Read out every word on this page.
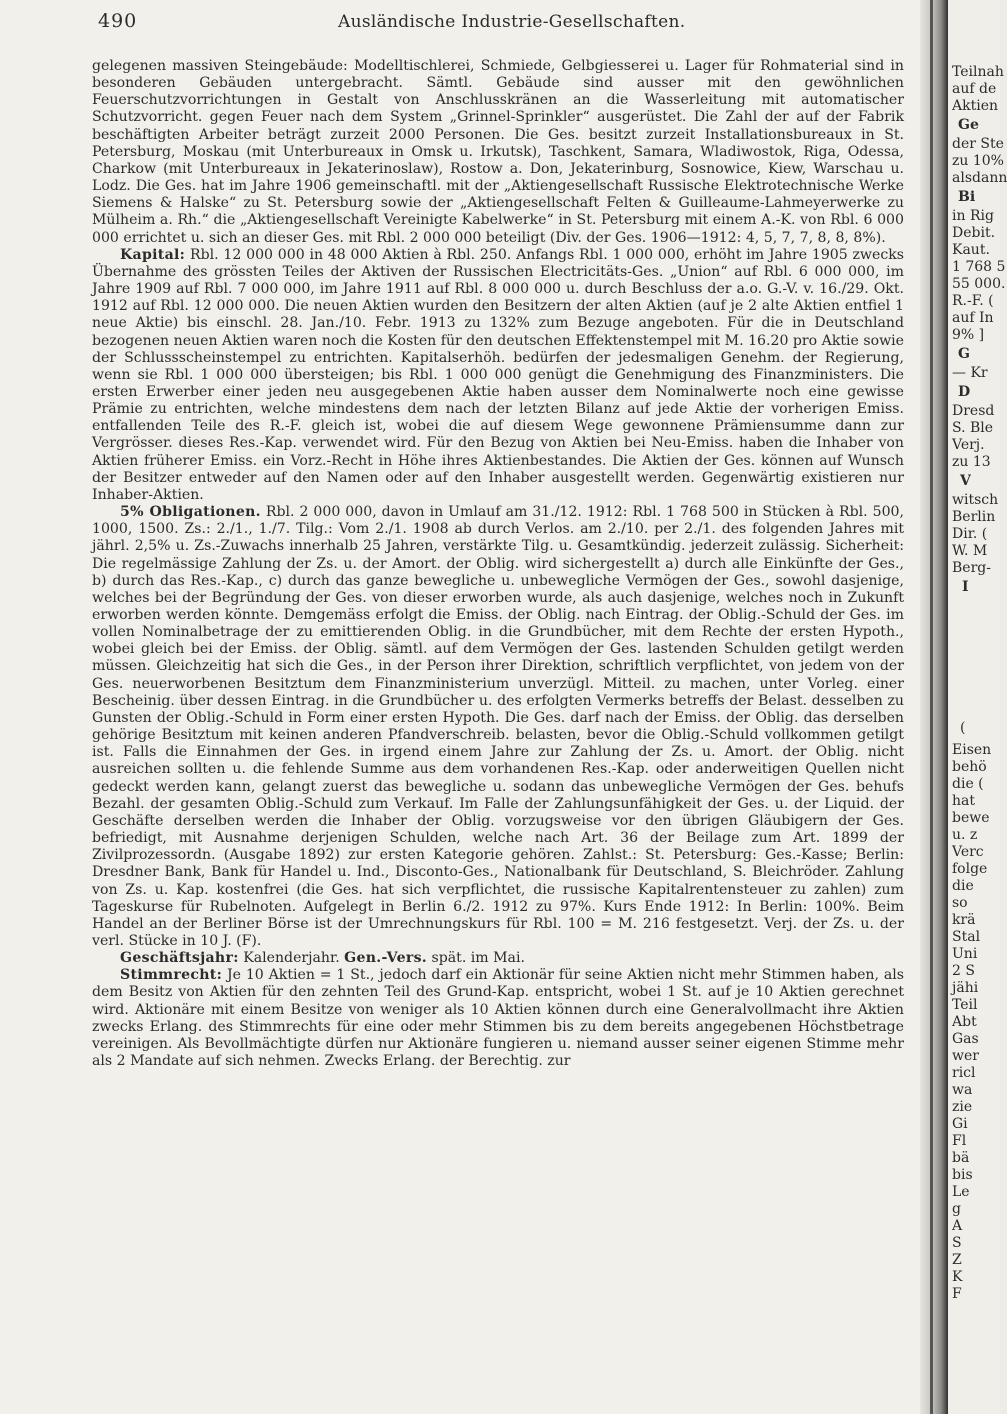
490	Ausländische Industrie-Gesellschaften.

gelegenen massiven Steingebäude: Modelltischlerei, Schmiede, Gelbgiesserei u. Lager für Rohmaterial sind in besonderen Gebäuden untergebracht. Sämtl. Gebäude sind ausser mit den gewöhnlichen Feuerschutzvorrichtungen in Gestalt von Anschlusskränen an die Wasserleitung mit automatischer Schutzvorricht. gegen Feuer nach dem System „Grinnel-Sprinkler“ ausgerüstet. Die Zahl der auf der Fabrik beschäftigten Arbeiter beträgt zurzeit 2000 Personen. Die Ges. besitzt zurzeit Installationsbureaux in St. Petersburg, Moskau (mit Unterbureaux in Omsk u. Irkutsk), Taschkent, Samara, Wladiwostok, Riga, Odessa, Charkow (mit Unterbureaux in Jekaterinoslaw), Rostow a. Don, Jekaterinburg, Sosnowice, Kiew, Warschau u. Lodz. Die Ges. hat im Jahre 1906 gemeinschaftl. mit der „Aktiengesellschaft Russische Elektrotechnische Werke Siemens & Halske“ zu St. Petersburg sowie der „Aktiengesellschaft Felten & Guilleaume-Lahmeyerwerke zu Mülheim a. Rh.“ die „Aktiengesellschaft Vereinigte Kabelwerke“ in St. Petersburg mit einem A.-K. von Rbl. 6 000 000 errichtet u. sich an dieser Ges. mit Rbl. 2 000 000 beteiligt (Div. der Ges. 1906—1912: 4, 5, 7, 7, 8, 8, 8%).

Kapital: Rbl. 12 000 000 in 48 000 Aktien à Rbl. 250. Anfangs Rbl. 1 000 000, erhöht im Jahre 1905 zwecks Übernahme des grössten Teiles der Aktiven der Russischen Electricitäts-Ges. „Union“ auf Rbl. 6 000 000, im Jahre 1909 auf Rbl. 7 000 000, im Jahre 1911 auf Rbl. 8 000 000 u. durch Beschluss der a.o. G.-V. v. 16./29. Okt. 1912 auf Rbl. 12 000 000. Die neuen Aktien wurden den Besitzern der alten Aktien (auf je 2 alte Aktien entfiel 1 neue Aktie) bis einschl. 28. Jan./10. Febr. 1913 zu 132% zum Bezuge angeboten. Für die in Deutschland bezogenen neuen Aktien waren noch die Kosten für den deutschen Effektenstempel mit M. 16.20 pro Aktie sowie der Schlussscheinstempel zu entrichten. Kapitalserhöh. bedürfen der jedesmaligen Genehm. der Regierung, wenn sie Rbl. 1 000 000 übersteigen; bis Rbl. 1 000 000 genügt die Genehmigung des Finanzministers. Die ersten Erwerber einer jeden neu ausgegebenen Aktie haben ausser dem Nominalwerte noch eine gewisse Prämie zu entrichten, welche mindestens dem nach der letzten Bilanz auf jede Aktie der vorherigen Emiss. entfallenden Teile des R.-F. gleich ist, wobei die auf diesem Wege gewonnene Prämiensumme dann zur Vergrösser. dieses Res.-Kap. verwendet wird. Für den Bezug von Aktien bei Neu-Emiss. haben die Inhaber von Aktien früherer Emiss. ein Vorz.-Recht in Höhe ihres Aktienbestandes. Die Aktien der Ges. können auf Wunsch der Besitzer entweder auf den Namen oder auf den Inhaber ausgestellt werden. Gegenwärtig existieren nur Inhaber-Aktien.

5% Obligationen. Rbl. 2 000 000, davon in Umlauf am 31./12. 1912: Rbl. 1 768 500 in Stücken à Rbl. 500, 1000, 1500. Zs.: 2./1., 1./7. Tilg.: Vom 2./1. 1908 ab durch Verlos. am 2./10. per 2./1. des folgenden Jahres mit jährl. 2,5% u. Zs.-Zuwachs innerhalb 25 Jahren, verstärkte Tilg. u. Gesamtkündig. jederzeit zulässig. Sicherheit: Die regelmässige Zahlung der Zs. u. der Amort. der Oblig. wird sichergestellt a) durch alle Einkünfte der Ges., b) durch das Res.-Kap., c) durch das ganze bewegliche u. unbewegliche Vermögen der Ges., sowohl dasjenige, welches bei der Begründung der Ges. von dieser erworben wurde, als auch dasjenige, welches noch in Zukunft erworben werden könnte. Demgemäss erfolgt die Emiss. der Oblig. nach Eintrag. der Oblig.-Schuld der Ges. im vollen Nominalbetrage der zu emittierenden Oblig. in die Grundbücher, mit dem Rechte der ersten Hypoth., wobei gleich bei der Emiss. der Oblig. sämtl. auf dem Vermögen der Ges. lastenden Schulden getilgt werden müssen. Gleichzeitig hat sich die Ges., in der Person ihrer Direktion, schriftlich verpflichtet, von jedem von der Ges. neuerworbenen Besitztum dem Finanzministerium unverzügl. Mitteil. zu machen, unter Vorleg. einer Bescheinig. über dessen Eintrag. in die Grundbücher u. des erfolgten Vermerks betreffs der Belast. desselben zu Gunsten der Oblig.-Schuld in Form einer ersten Hypoth. Die Ges. darf nach der Emiss. der Oblig. das derselben gehörige Besitztum mit keinen anderen Pfandverschreib. belasten, bevor die Oblig.-Schuld vollkommen getilgt ist. Falls die Einnahmen der Ges. in irgend einem Jahre zur Zahlung der Zs. u. Amort. der Oblig. nicht ausreichen sollten u. die fehlende Summe aus dem vorhandenen Res.-Kap. oder anderweitigen Quellen nicht gedeckt werden kann, gelangt zuerst das bewegliche u. sodann das unbewegliche Vermögen der Ges. behufs Bezahl. der gesamten Oblig.-Schuld zum Verkauf. Im Falle der Zahlungsunfähigkeit der Ges. u. der Liquid. der Geschäfte derselben werden die Inhaber der Oblig. vorzugsweise vor den übrigen Gläubigern der Ges. befriedigt, mit Ausnahme derjenigen Schulden, welche nach Art. 36 der Beilage zum Art. 1899 der Zivilprozessordn. (Ausgabe 1892) zur ersten Kategorie gehören. Zahlst.: St. Petersburg: Ges.-Kasse; Berlin: Dresdner Bank, Bank für Handel u. Ind., Disconto-Ges., Nationalbank für Deutschland, S. Bleichröder. Zahlung von Zs. u. Kap. kostenfrei (die Ges. hat sich verpflichtet, die russische Kapitalrentensteuer zu zahlen) zum Tageskurse für Rubelnoten. Aufgelegt in Berlin 6./2. 1912 zu 97%. Kurs Ende 1912: In Berlin: 100%. Beim Handel an der Berliner Börse ist der Umrechnungskurs für Rbl. 100 = M. 216 festgesetzt. Verj. der Zs. u. der verl. Stücke in 10 J. (F).

Geschäftsjahr: Kalenderjahr. Gen.-Vers. spät. im Mai.

Stimmrecht: Je 10 Aktien = 1 St., jedoch darf ein Aktionär für seine Aktien nicht mehr Stimmen haben, als dem Besitz von Aktien für den zehnten Teil des Grund-Kap. entspricht, wobei 1 St. auf je 10 Aktien gerechnet wird. Aktionäre mit einem Besitze von weniger als 10 Aktien können durch eine Generalvollmacht ihre Aktien zwecks Erlang. des Stimmrechts für eine oder mehr Stimmen bis zu dem bereits angegebenen Höchstbetrage vereinigen. Als Bevollmächtigte dürfen nur Aktionäre fungieren u. niemand ausser seiner eigenen Stimme mehr als 2 Mandate auf sich nehmen. Zwecks Erlang. der Berechtig. zur

Teilnah
auf de
Aktien
Ge
der Ste
zu 10%
alsdann
Bi
in Rig
Debit.
Kaut.
1 768 5
55 000.
R.-F. (
auf In
9% ]
G
— Kr
D
Dresd
S. Ble
Verj.
zu 13
V
witsch
Berlin
Dir. (
W. M
Berg-
I
(
Eisen
behö
die (
hat
bewe
u. z
Verc
folge
die
so
krä
Stal
Uni
2 S
jähi
Teil
Abt
Gas
wer
ricl
wa
zie
Gi
Fl
bä
bis
Le
g
A
S
Z
K
F
